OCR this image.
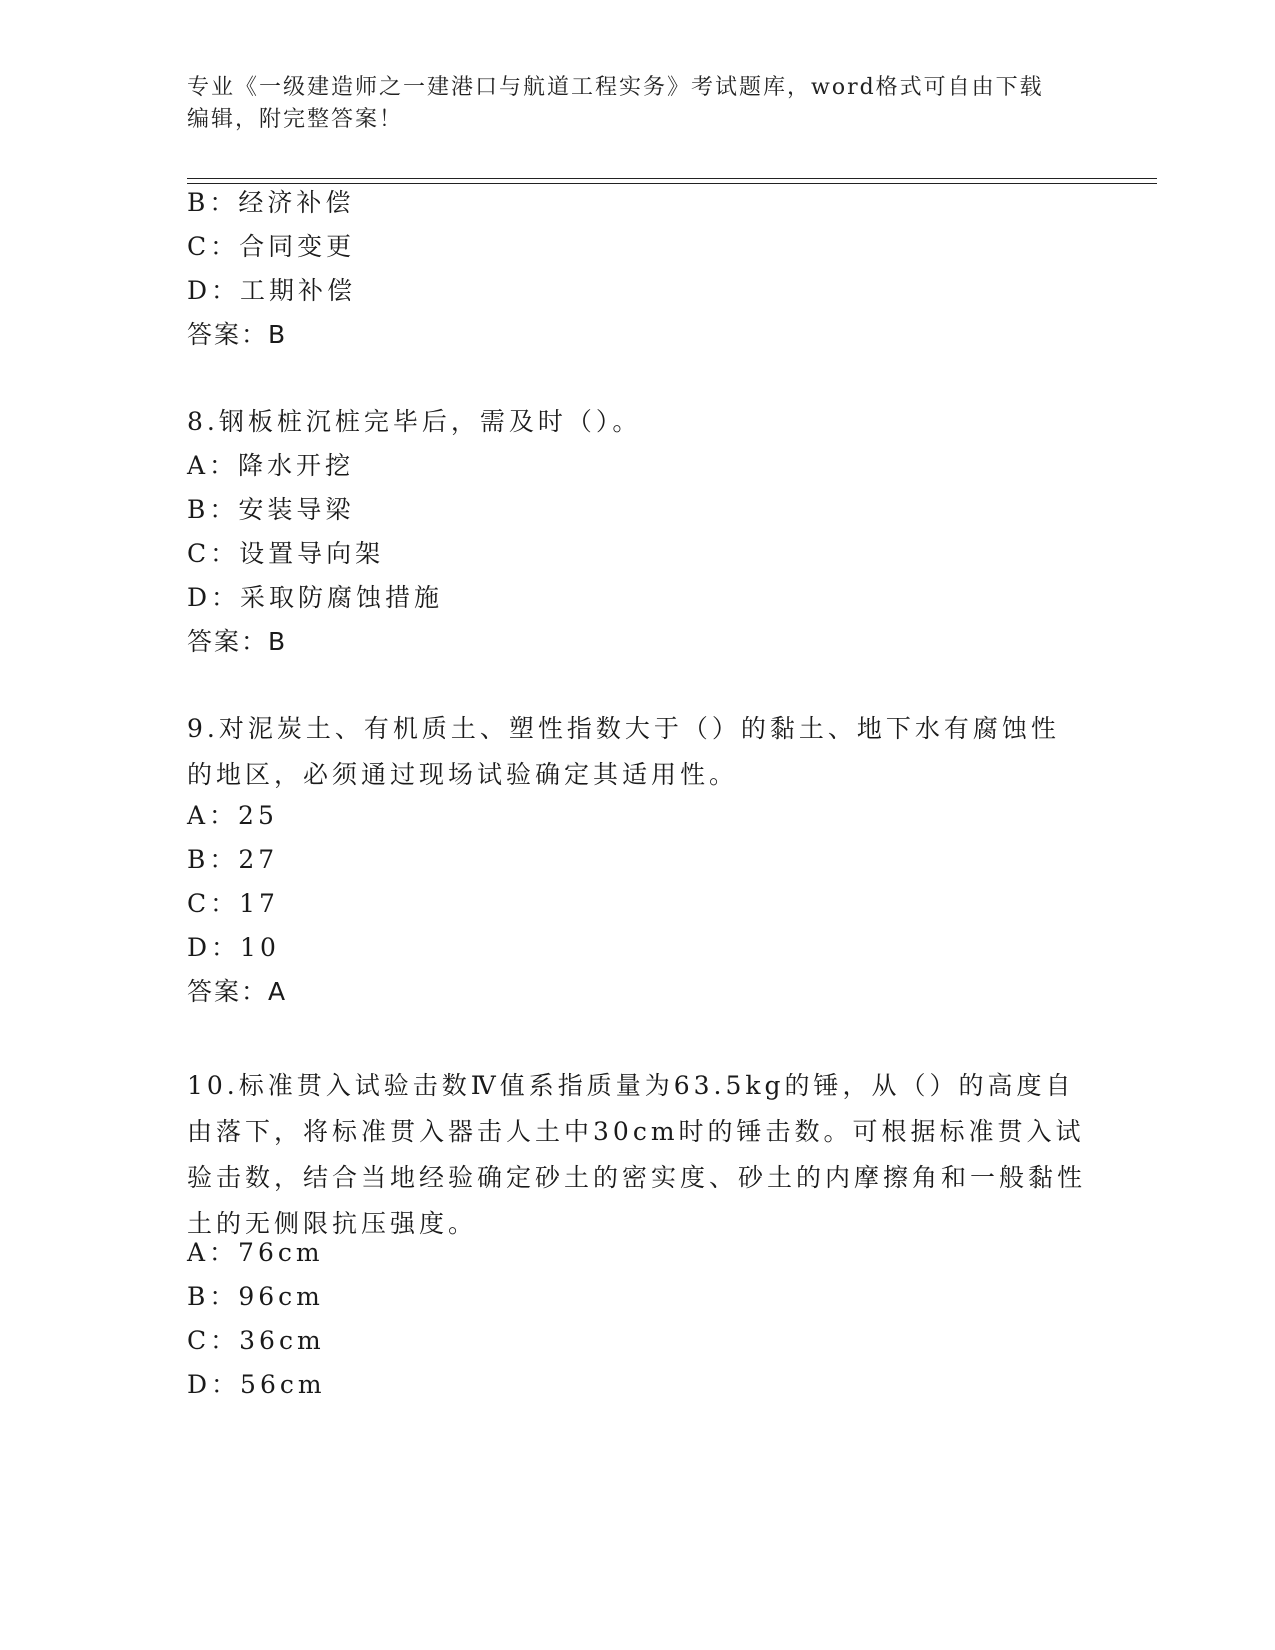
专业《一级建造师之一建港口与航道工程实务》考试题库，word格式可自由下载编辑，附完整答案！
B：经济补偿
C：合同变更
D：工期补偿
答案：B
8.钢板桩沉桩完毕后，需及时（）。
A：降水开挖
B：安装导梁
C：设置导向架
D：采取防腐蚀措施
答案：B
9.对泥炭土、有机质土、塑性指数大于（）的黏土、地下水有腐蚀性的地区，必须通过现场试验确定其适用性。
A：25
B：27
C：17
D：10
答案：A
10.标准贯入试验击数Ⅳ值系指质量为63.5kg的锤，从（）的高度自由落下，将标准贯入器击人土中30cm时的锤击数。可根据标准贯入试验击数，结合当地经验确定砂土的密实度、砂土的内摩擦角和一般黏性土的无侧限抗压强度。
A：76cm
B：96cm
C：36cm
D：56cm
